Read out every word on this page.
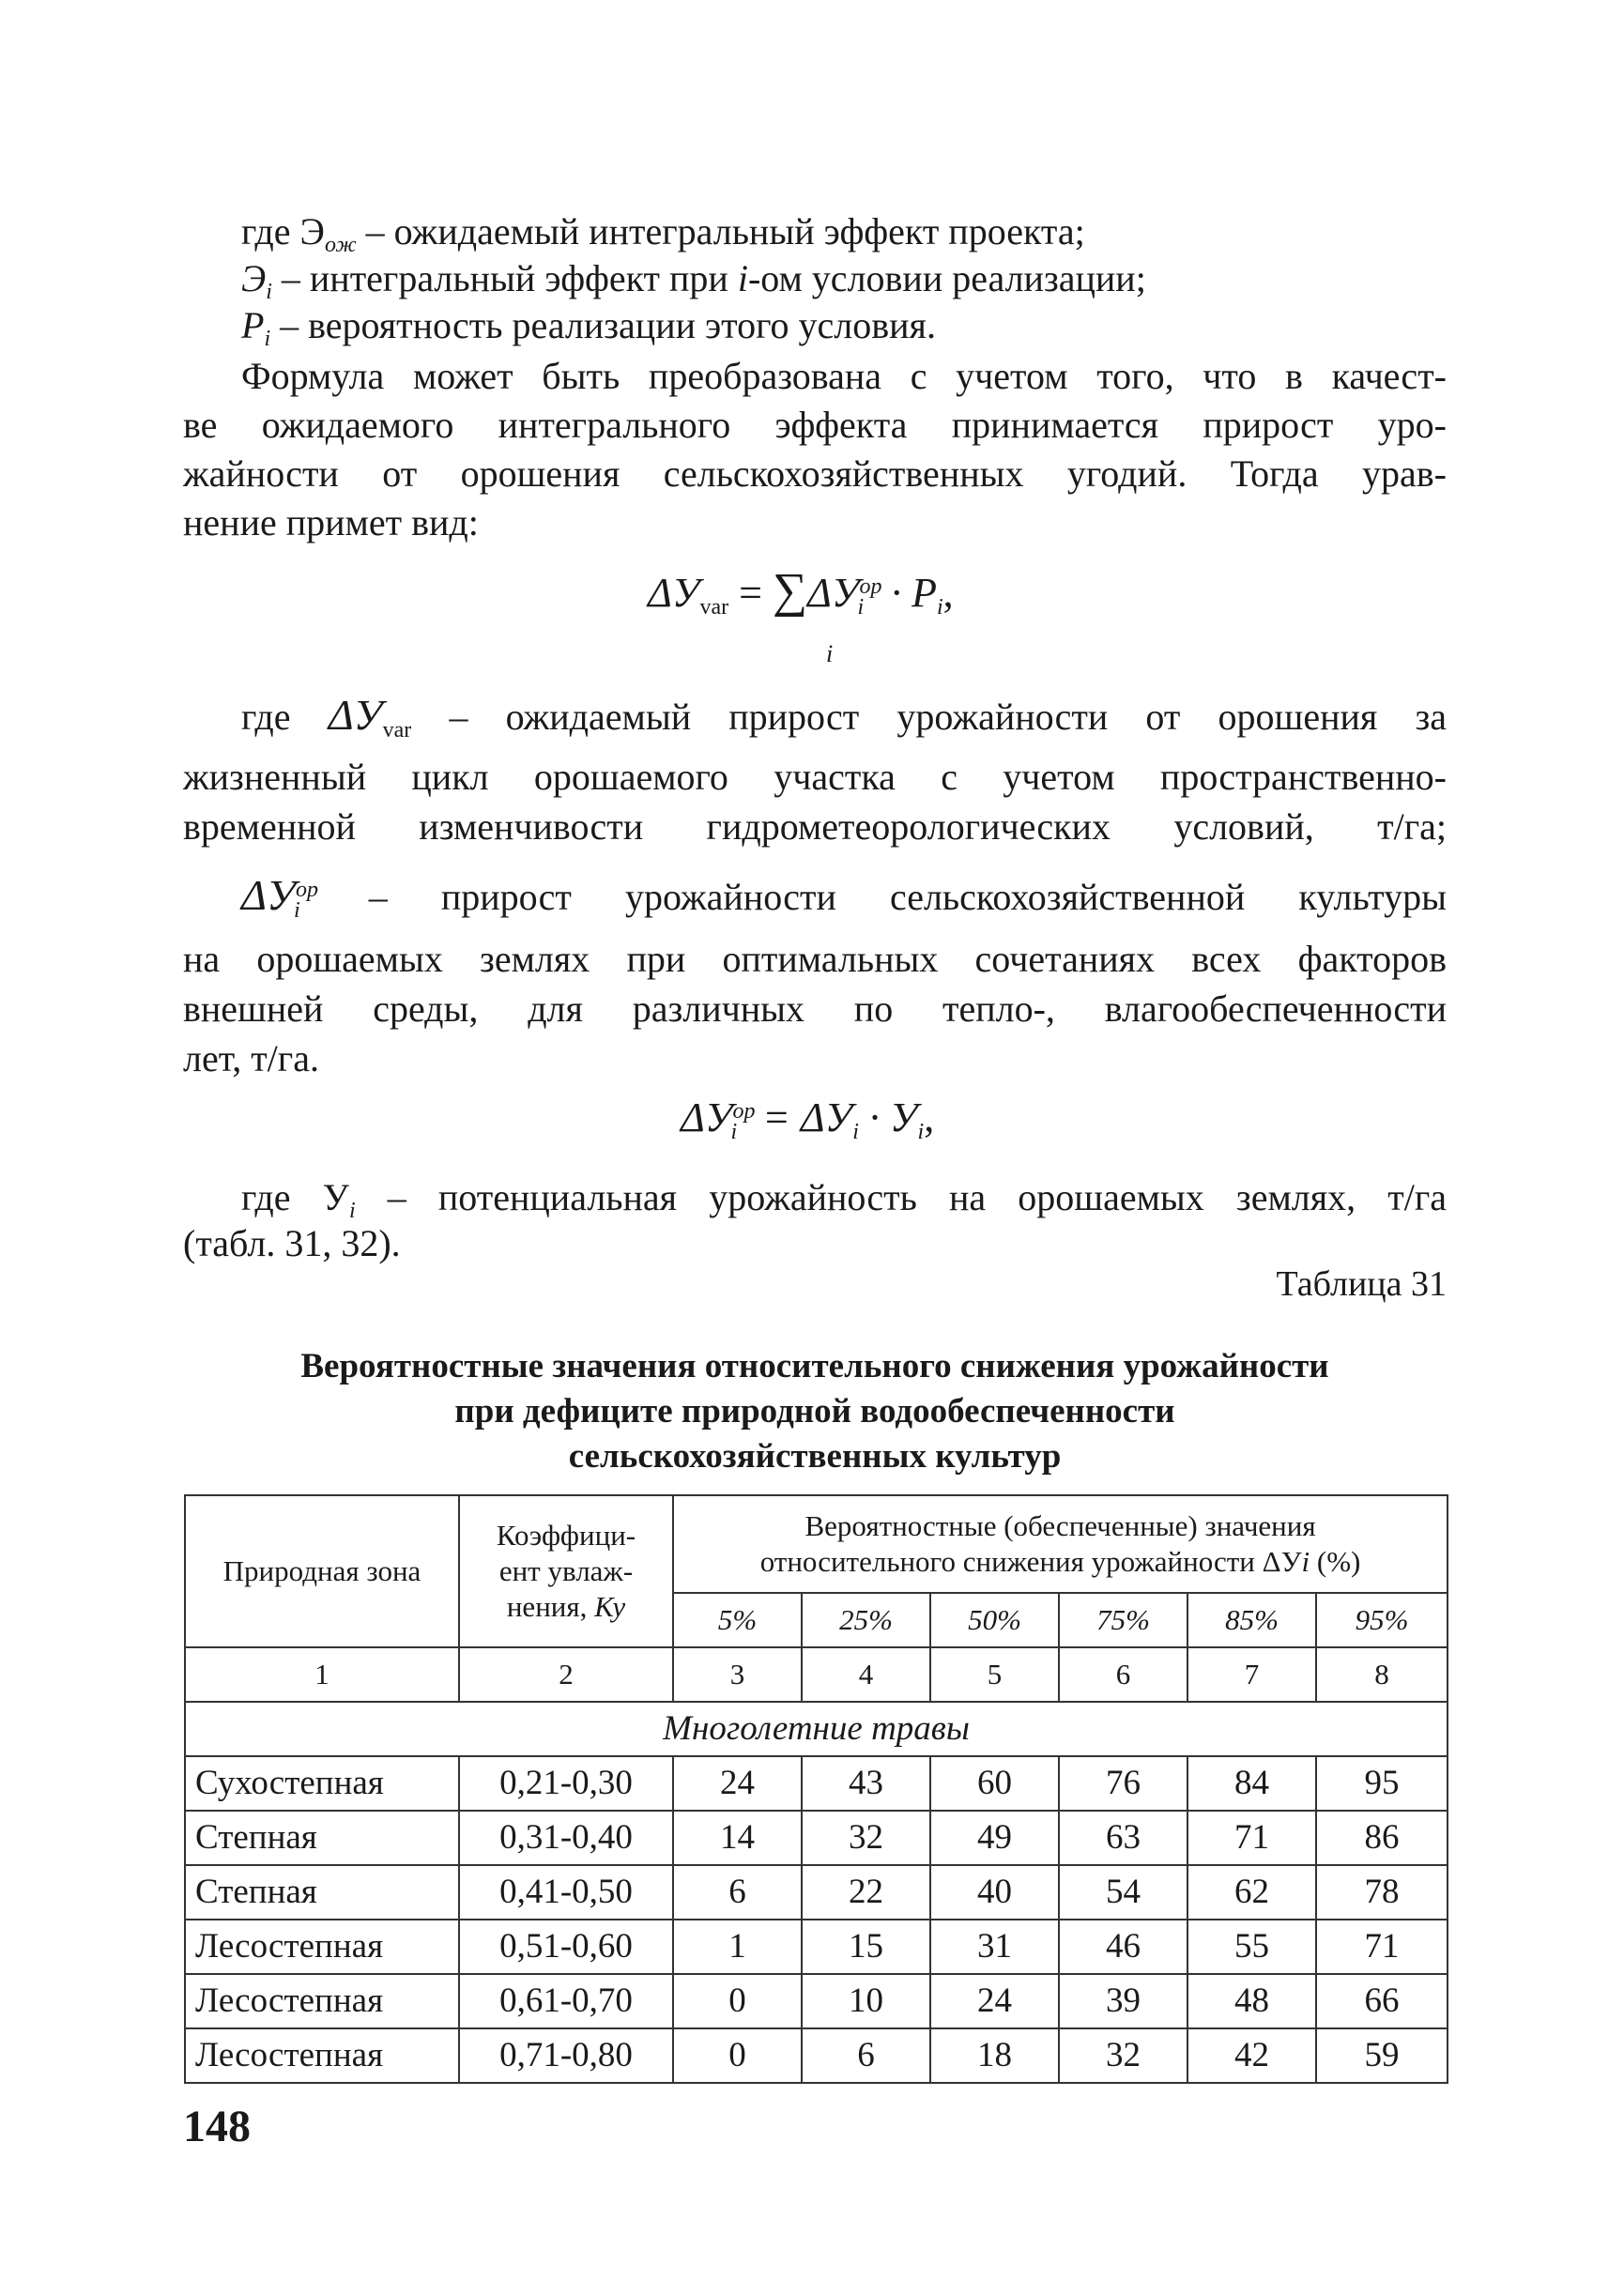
где $Э_{ож}$ – ожидаемый интегральный эффект проекта;
$Э_i$ – интегральный эффект при i-ом условии реализации;
$P_i$ – вероятность реализации этого условия.
Формула может быть преобразована с учетом того, что в качест-
ве ожидаемого интегрального эффекта принимается прирост уро-
жайности от орошения сельскохозяйственных угодий. Тогда урав-
нение примет вид:
$\Delta У_{var} = \sum\Delta У^{op}_i \cdot P_i$,
i
где $\Delta У_{var}$ – ожидаемый прирост урожайности от орошения за
жизненный цикл орошаемого участка с учетом пространственно-
временной изменчивости гидрометеорологических условий, т/га;
$\Delta У^{op}_i$ – прирост урожайности сельскохозяйственной культуры
на орошаемых землях при оптимальных сочетаниях всех факторов
внешней среды, для различных по тепло-, влагообеспеченности
лет, т/га.
$\Delta У^{op}_i = \Delta У_i \cdot У_i$,
где $У_i$ – потенциальная урожайность на орошаемых землях, т/га
(табл. 31, 32).
Таблица 31
Вероятностные значения относительного снижения урожайности
при дефиците природной водообеспеченности
сельскохозяйственных культур
Природная зона	Коэффици-
ент увлаж-
нения, Ку	Вероятностные (обеспеченные) значения
относительного снижения урожайности ΔУi (%)					
		5%	25%	50%	75%	85%	95%
1	2	3	4	5	6	7	8
Многолетние травы							
Сухостепная	0,21-0,30	24	43	60	76	84	95
Степная	0,31-0,40	14	32	49	63	71	86
Степная	0,41-0,50	6	22	40	54	62	78
Лесостепная	0,51-0,60	1	15	31	46	55	71
Лесостепная	0,61-0,70	0	10	24	39	48	66
Лесостепная	0,71-0,80	0	6	18	32	42	59
148
